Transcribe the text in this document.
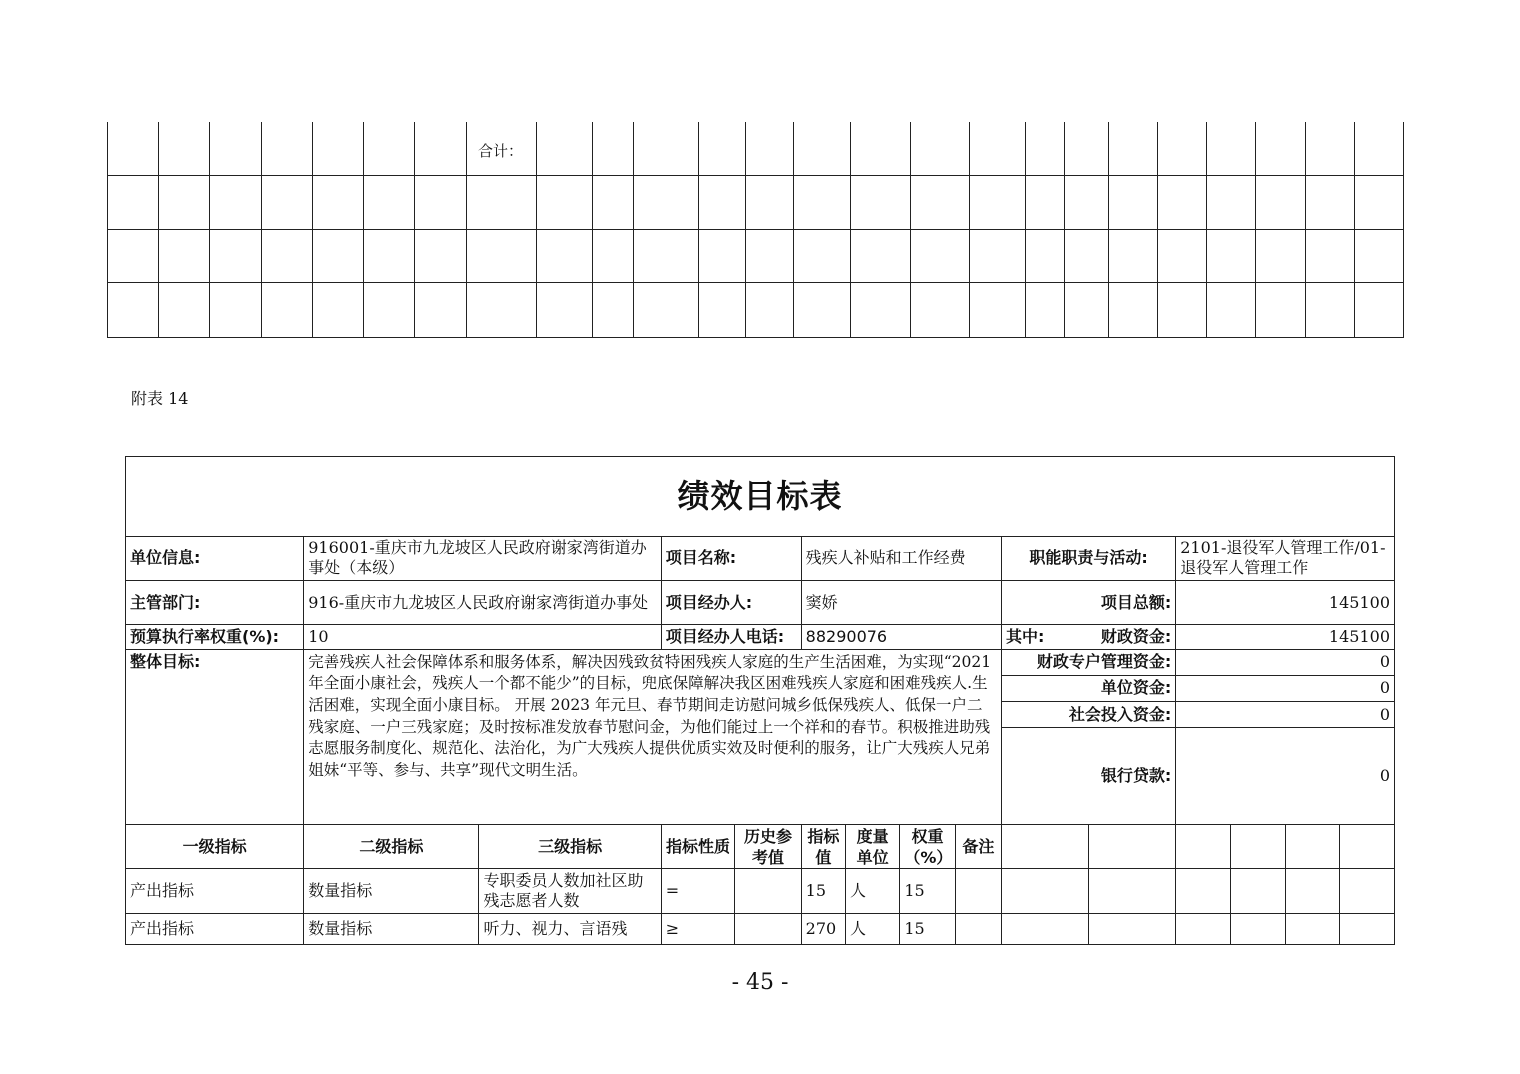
合计：
附表 14
绩效目标表														
单位信息:	916001-重庆市九龙坡区人民政府谢家湾街道办事处（本级）		项目名称:		残疾人补贴和工作经费				职能职责与活动:		2101-退役军人管理工作/01-退役军人管理工作			
主管部门:	916-重庆市九龙坡区人民政府谢家湾街道办事处		项目经办人:		窦娇				项目总额:		145100			
预算执行率权重(%):	10		项目经办人电话:		88290076				其中:	财政资金:	145100			
整体目标:	完善残疾人社会保障体系和服务体系，解决因残致贫特困残疾人家庭的生产生活困难，为实现“2021 年全面小康社会，残疾人一个都不能少”的目标，兜底保障解决我区困难残疾人家庭和困难残疾人.生活困难，实现全面小康目标。 开展 2023 年元旦、春节期间走访慰问城乡低保残疾人、低保一户二残家庭、一户三残家庭；及时按标准发放春节慰问金，为他们能过上一个祥和的春节。积极推进助残志愿服务制度化、规范化、法治化，为广大残疾人提供优质实效及时便利的服务，让广大残疾人兄弟姐妹“平等、参与、共享”现代文明生活。								财政专户管理资金:		0			
									单位资金:		0			
									社会投入资金:		0			
									银行贷款:		0			
一级指标	二级指标	三级指标	指标性质	历史参考值	指标值	度量单位	权重（%）	备注						
产出指标	数量指标	专职委员人数加社区助残志愿者人数	=		15	人	15							
产出指标	数量指标	听力、视力、言语残	≥		270	人	15							
- 45 -
